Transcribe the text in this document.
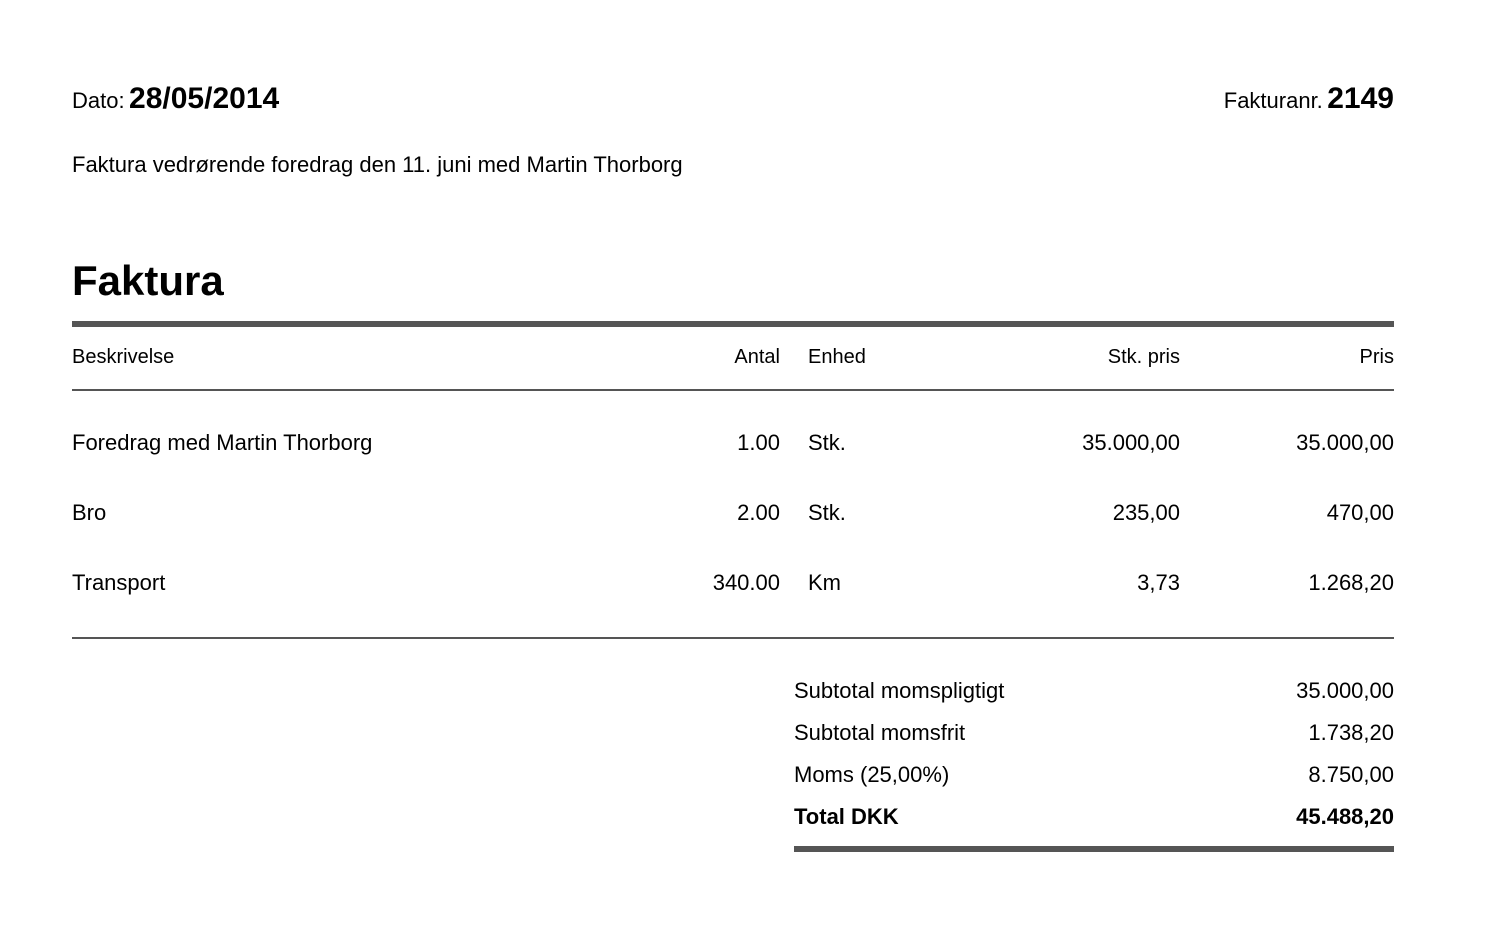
Dato: 28/05/2014	Fakturanr. 2149
Faktura vedrørende foredrag den 11. juni med Martin Thorborg
Faktura
Beskrivelse	Antal Enhed	Stk. pris	Pris
Foredrag med Martin Thorborg	1.00 Stk.	35.000,00	35.000,00
Bro	2.00 Stk.	235,00	470,00
Transport	340.00 Km	3,73	1.268,20
Subtotal momspligtigt	35.000,00
Subtotal momsfrit	1.738,20
Moms (25,00%)	8.750,00
Total DKK	45.488,20
